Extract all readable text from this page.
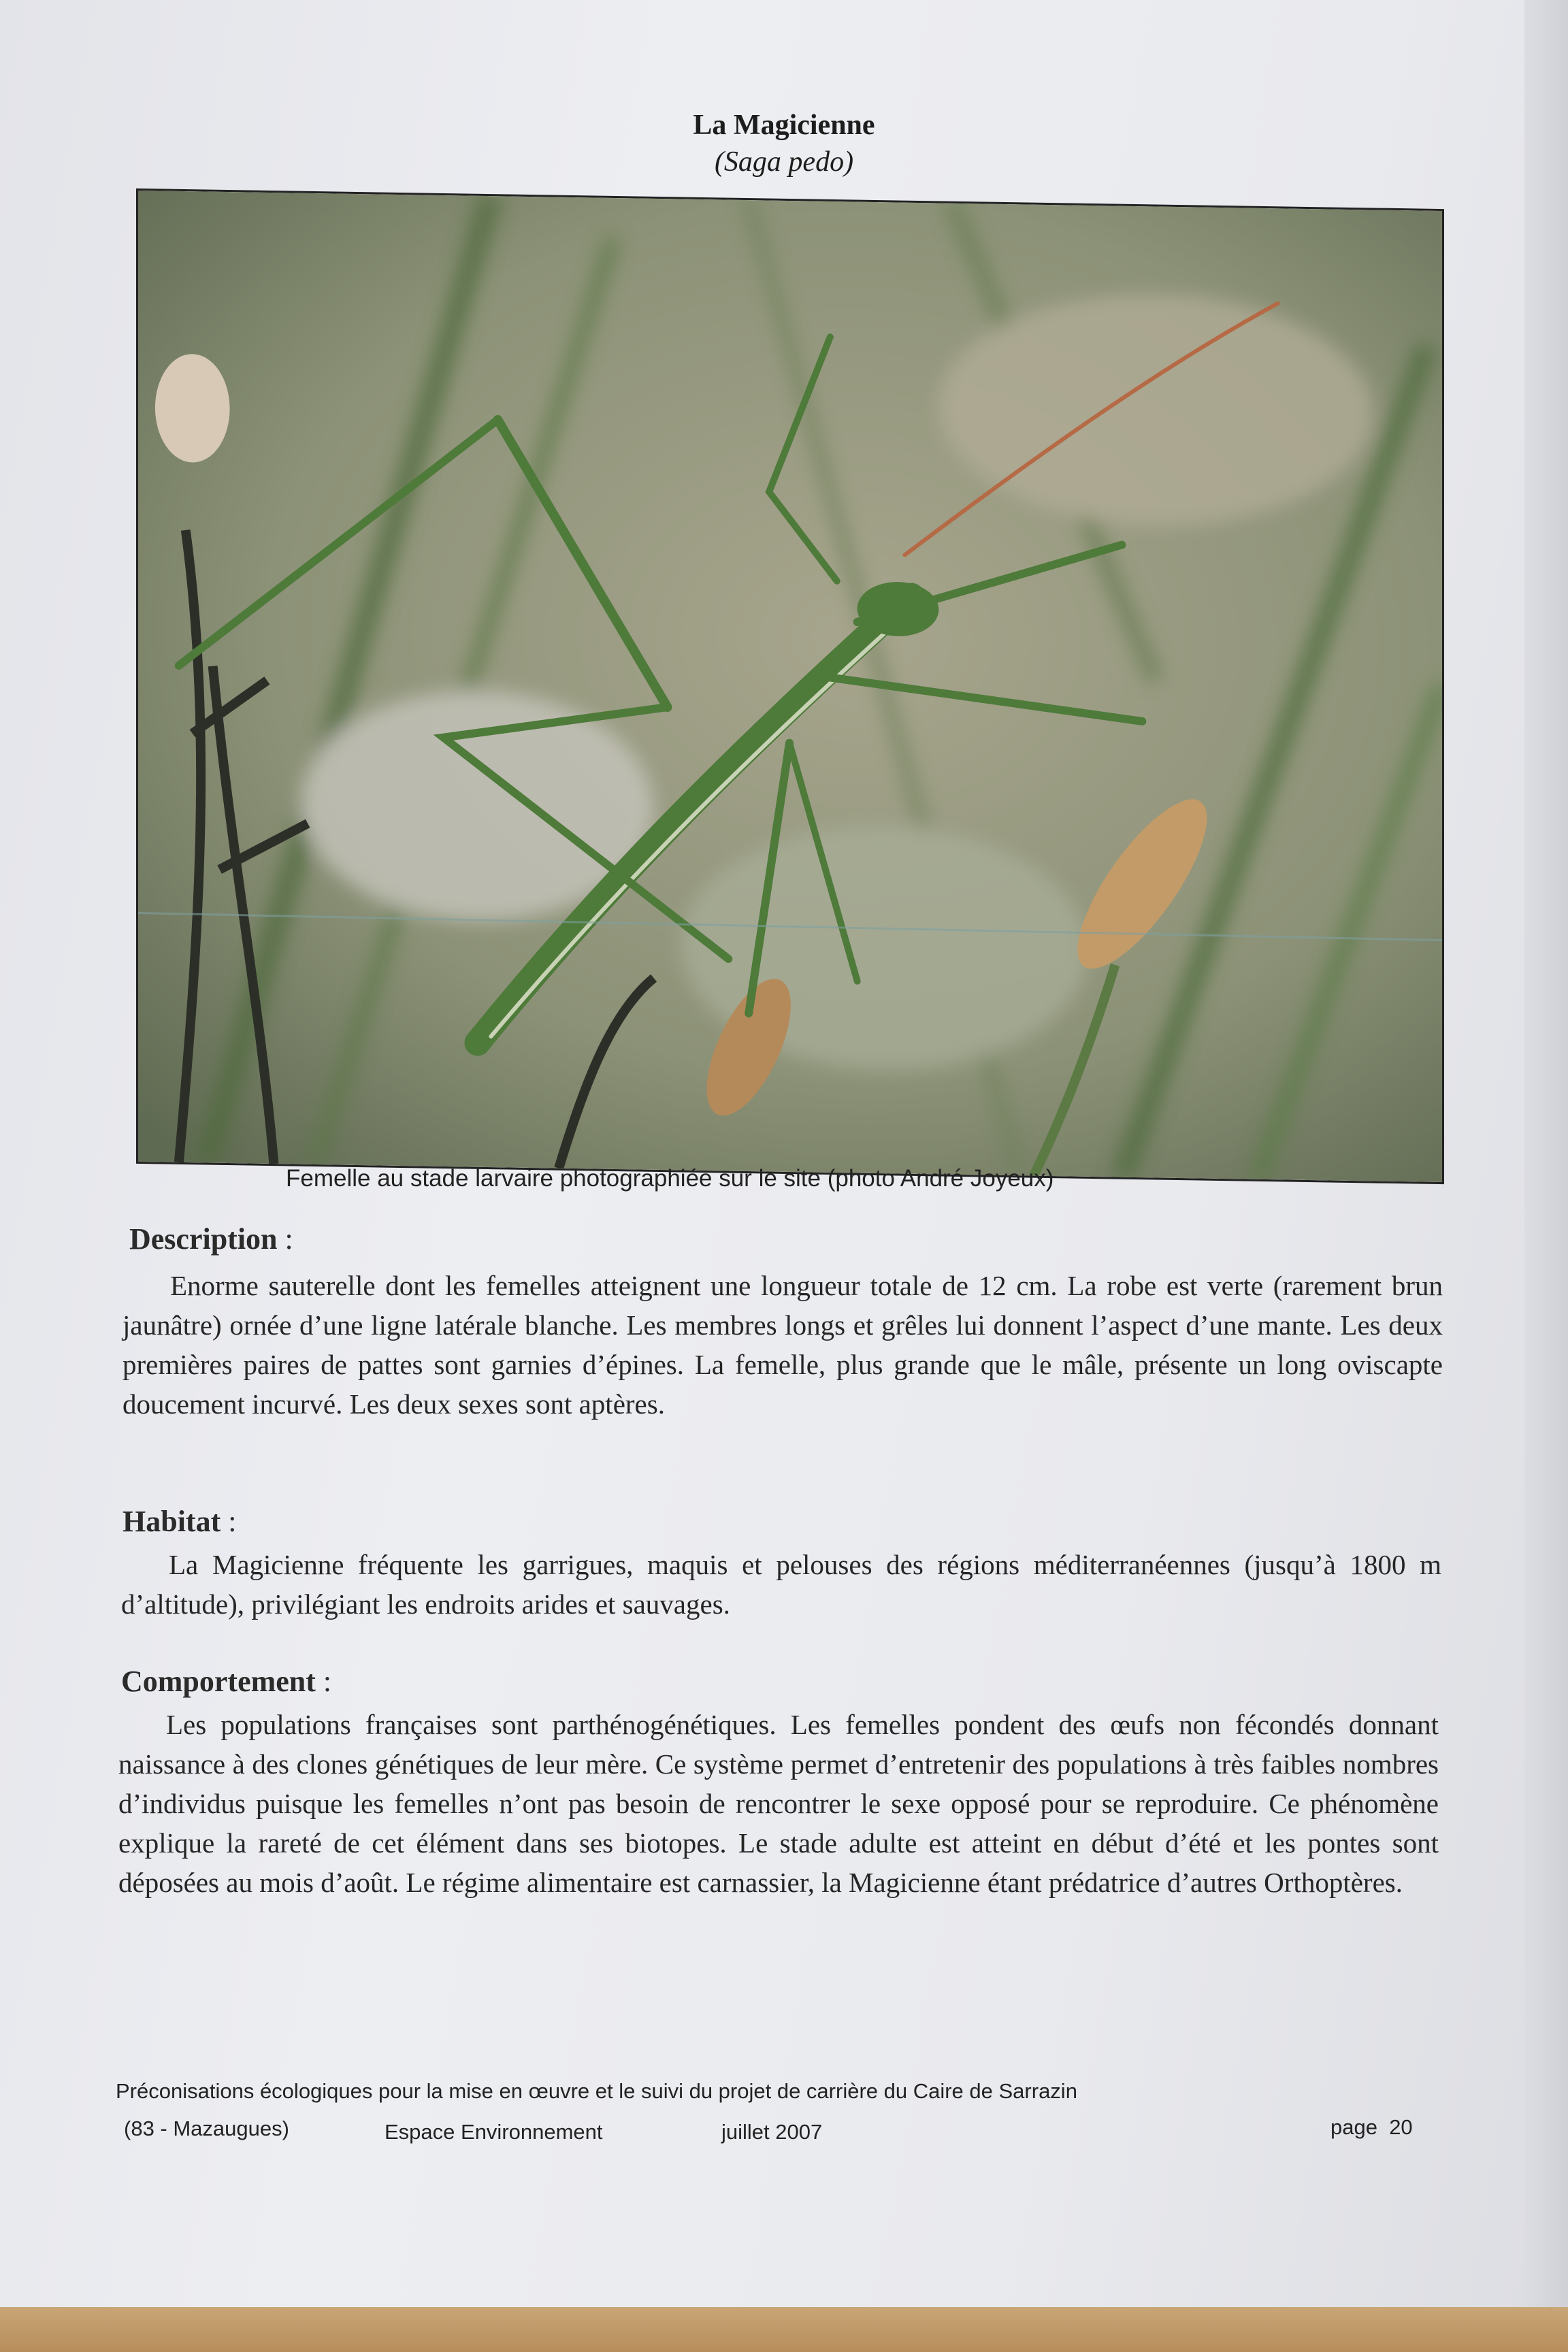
La Magicienne
(Saga pedo)
Femelle au stade larvaire photographiée sur le site (photo André Joyeux)
Description :
Enorme sauterelle dont les femelles atteignent une longueur totale de 12 cm. La robe est verte (rarement brun jaunâtre) ornée d’une ligne latérale blanche. Les membres longs et grêles lui donnent l’aspect d’une mante. Les deux premières paires de pattes sont garnies d’épines. La femelle, plus grande que le mâle, présente un long oviscapte doucement incurvé. Les deux sexes sont aptères.
Habitat :
La Magicienne fréquente les garrigues, maquis et pelouses des régions méditerranéennes (jusqu’à 1800 m d’altitude), privilégiant les endroits arides et sauvages.
Comportement :
Les populations françaises sont parthénogénétiques. Les femelles pondent des œufs non fécondés donnant naissance à des clones génétiques de leur mère. Ce système permet d’entretenir des populations à très faibles nombres d’individus puisque les femelles n’ont pas besoin de rencontrer le sexe opposé pour se reproduire. Ce phénomène explique la rareté de cet élément dans ses biotopes. Le stade adulte est atteint en début d’été et les pontes sont déposées au mois d’août. Le régime alimentaire est carnassier, la Magicienne étant prédatrice d’autres Orthoptères.
Préconisations écologiques pour la mise en œuvre et le suivi du projet de carrière du Caire de Sarrazin
(83 - Mazaugues)	Espace Environnement	juillet 2007	page  20
